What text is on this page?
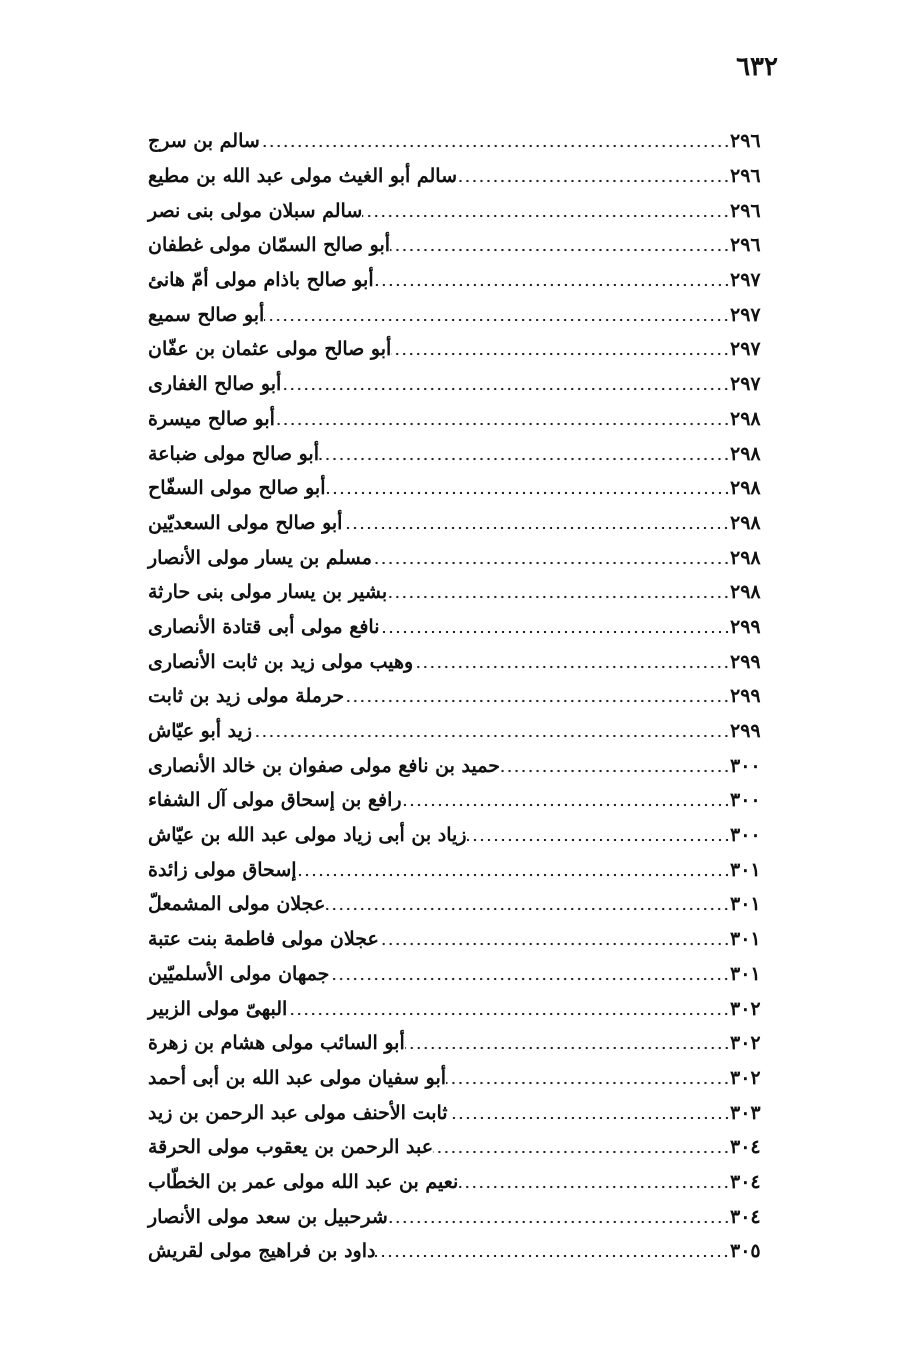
٦٣٢
سالم بن سرج	٢٩٦
سالم أبو الغيث مولى عبد الله بن مطيع	٢٩٦
سالم سبلان مولى بنى نصر	٢٩٦
أبو صالح السمّان مولى غطفان	٢٩٦
أبو صالح باذام مولى أمّ هانئ	٢٩٧
أبو صالح سميع	٢٩٧
أبو صالح مولى عثمان بن عفّان	٢٩٧
أبو صالح الغفارى	٢٩٧
أبو صالح ميسرة	٢٩٨
أبو صالح مولى ضباعة	٢٩٨
أبو صالح مولى السفّاح	٢٩٨
أبو صالح مولى السعديّين	٢٩٨
مسلم بن يسار مولى الأنصار	٢٩٨
بشير بن يسار مولى بنى حارثة	٢٩٨
نافع مولى أبى قتادة الأنصارى	٢٩٩
وهيب مولى زيد بن ثابت الأنصارى	٢٩٩
حرملة مولى زيد بن ثابت	٢٩٩
زيد أبو عيّاش	٢٩٩
حميد بن نافع مولى صفوان بن خالد الأنصارى	٣٠٠
رافع بن إسحاق مولى آل الشفاء	٣٠٠
زياد بن أبى زياد مولى عبد الله بن عيّاش	٣٠٠
إسحاق مولى زائدة	٣٠١
عجلان مولى المشمعلّ	٣٠١
عجلان مولى فاطمة بنت عتبة	٣٠١
جمهان مولى الأسلميّين	٣٠١
البهىّ مولى الزبير	٣٠٢
أبو السائب مولى هشام بن زهرة	٣٠٢
أبو سفيان مولى عبد الله بن أبى أحمد	٣٠٢
ثابت الأحنف مولى عبد الرحمن بن زيد	٣٠٣
عبد الرحمن بن يعقوب مولى الحرقة	٣٠٤
نعيم بن عبد الله مولى عمر بن الخطّاب	٣٠٤
شرحبيل بن سعد مولى الأنصار	٣٠٤
داود بن فراهيج مولى لقريش	٣٠٥
